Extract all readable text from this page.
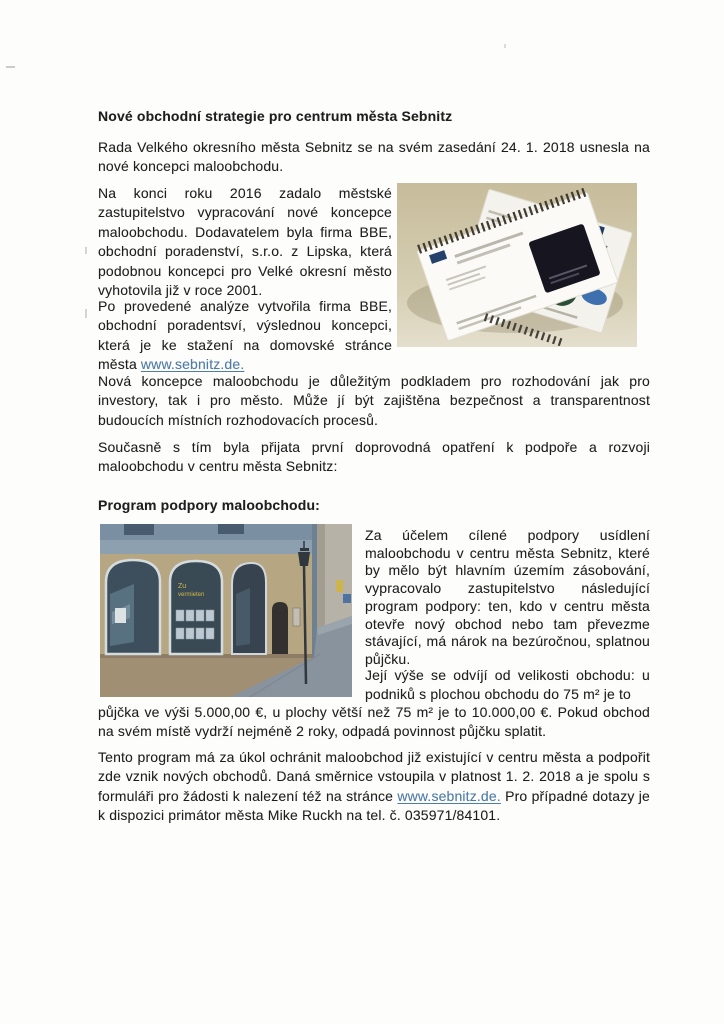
Nové obchodní strategie pro centrum města Sebnitz

Rada Velkého okresního města Sebnitz se na svém zasedání 24. 1. 2018 usnesla na nové koncepci maloobchodu.

Na konci roku 2016 zadalo městské zastupitelstvo vypracování nové koncepce maloobchodu. Dodavatelem byla firma BBE, obchodní poradenství, s.r.o. z Lipska, která podobnou koncepci pro Velké okresní město vyhotovila již v roce 2001.

Po provedené analýze vytvořila firma BBE, obchodní poradentsví, výslednou koncepci, která je ke stažení na domovské stránce města www.sebnitz.de.

Nová koncepce maloobchodu je důležitým podkladem pro rozhodování jak pro investory, tak i pro město. Může jí být zajištěna bezpečnost a transparentnost budoucích místních rozhodovacích procesů.

Současně s tím byla přijata první doprovodná opatření k podpoře a rozvoji maloobchodu v centru města Sebnitz:

Program podpory maloobchodu:

Za účelem cílené podpory usídlení maloobchodu v centru města Sebnitz, které by mělo být hlavním územím zásobování, vypracovalo zastupitelstvo následující program podpory: ten, kdo v centru města otevře nový obchod nebo tam převezme stávající, má nárok na bezúročnou, splatnou půjčku.

Její výše se odvíjí od velikosti obchodu: u podniků s plochou obchodu do 75 m² je to

půjčka ve výši 5.000,00 €, u plochy větší než 75 m² je to 10.000,00 €. Pokud obchod na svém místě vydrží nejméně 2 roky, odpadá povinnost půjčku splatit.

Tento program má za úkol ochránit maloobchod již existující v centru města a podpořit zde vznik nových obchodů. Daná směrnice vstoupila v platnost 1. 2. 2018 a je spolu s formuláři pro žádosti k nalezení též na stránce www.sebnitz.de. Pro případné dotazy je k dispozici primátor města Mike Ruckh na tel. č. 035971/84101.
